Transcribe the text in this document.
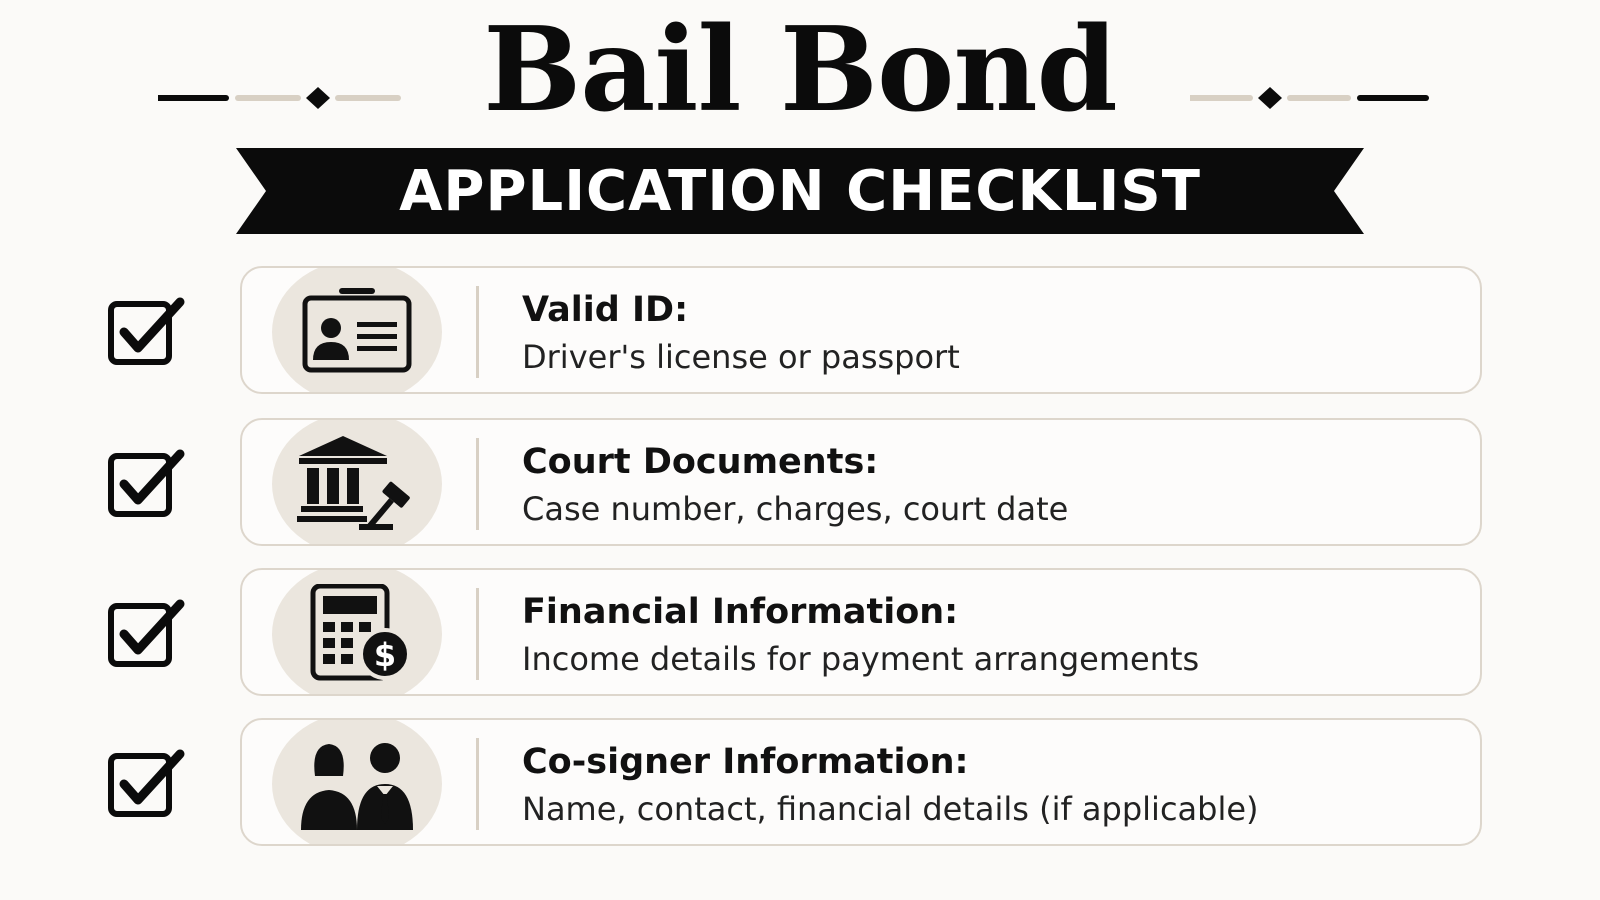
Bail Bond
APPLICATION CHECKLIST
Valid ID:
Driver's license or passport
Court Documents:
Case number, charges, court date
$
Financial Information:
Income details for payment arrangements
Co-signer Information:
Name, contact, financial details (if applicable)
